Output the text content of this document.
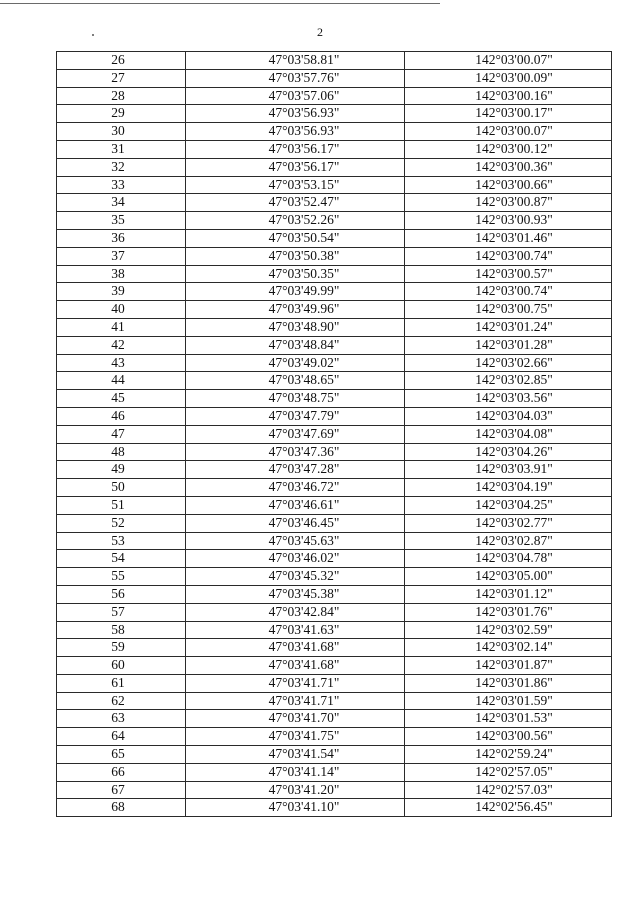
2
26	47°03'58.81"	142°03'00.07"
27	47°03'57.76"	142°03'00.09"
28	47°03'57.06"	142°03'00.16"
29	47°03'56.93"	142°03'00.17"
30	47°03'56.93"	142°03'00.07"
31	47°03'56.17"	142°03'00.12"
32	47°03'56.17"	142°03'00.36"
33	47°03'53.15"	142°03'00.66"
34	47°03'52.47"	142°03'00.87"
35	47°03'52.26"	142°03'00.93"
36	47°03'50.54"	142°03'01.46"
37	47°03'50.38"	142°03'00.74"
38	47°03'50.35"	142°03'00.57"
39	47°03'49.99"	142°03'00.74"
40	47°03'49.96"	142°03'00.75"
41	47°03'48.90"	142°03'01.24"
42	47°03'48.84"	142°03'01.28"
43	47°03'49.02"	142°03'02.66"
44	47°03'48.65"	142°03'02.85"
45	47°03'48.75"	142°03'03.56"
46	47°03'47.79"	142°03'04.03"
47	47°03'47.69"	142°03'04.08"
48	47°03'47.36"	142°03'04.26"
49	47°03'47.28"	142°03'03.91"
50	47°03'46.72"	142°03'04.19"
51	47°03'46.61"	142°03'04.25"
52	47°03'46.45"	142°03'02.77"
53	47°03'45.63"	142°03'02.87"
54	47°03'46.02"	142°03'04.78"
55	47°03'45.32"	142°03'05.00"
56	47°03'45.38"	142°03'01.12"
57	47°03'42.84"	142°03'01.76"
58	47°03'41.63"	142°03'02.59"
59	47°03'41.68"	142°03'02.14"
60	47°03'41.68"	142°03'01.87"
61	47°03'41.71"	142°03'01.86"
62	47°03'41.71"	142°03'01.59"
63	47°03'41.70"	142°03'01.53"
64	47°03'41.75"	142°03'00.56"
65	47°03'41.54"	142°02'59.24"
66	47°03'41.14"	142°02'57.05"
67	47°03'41.20"	142°02'57.03"
68	47°03'41.10"	142°02'56.45"
